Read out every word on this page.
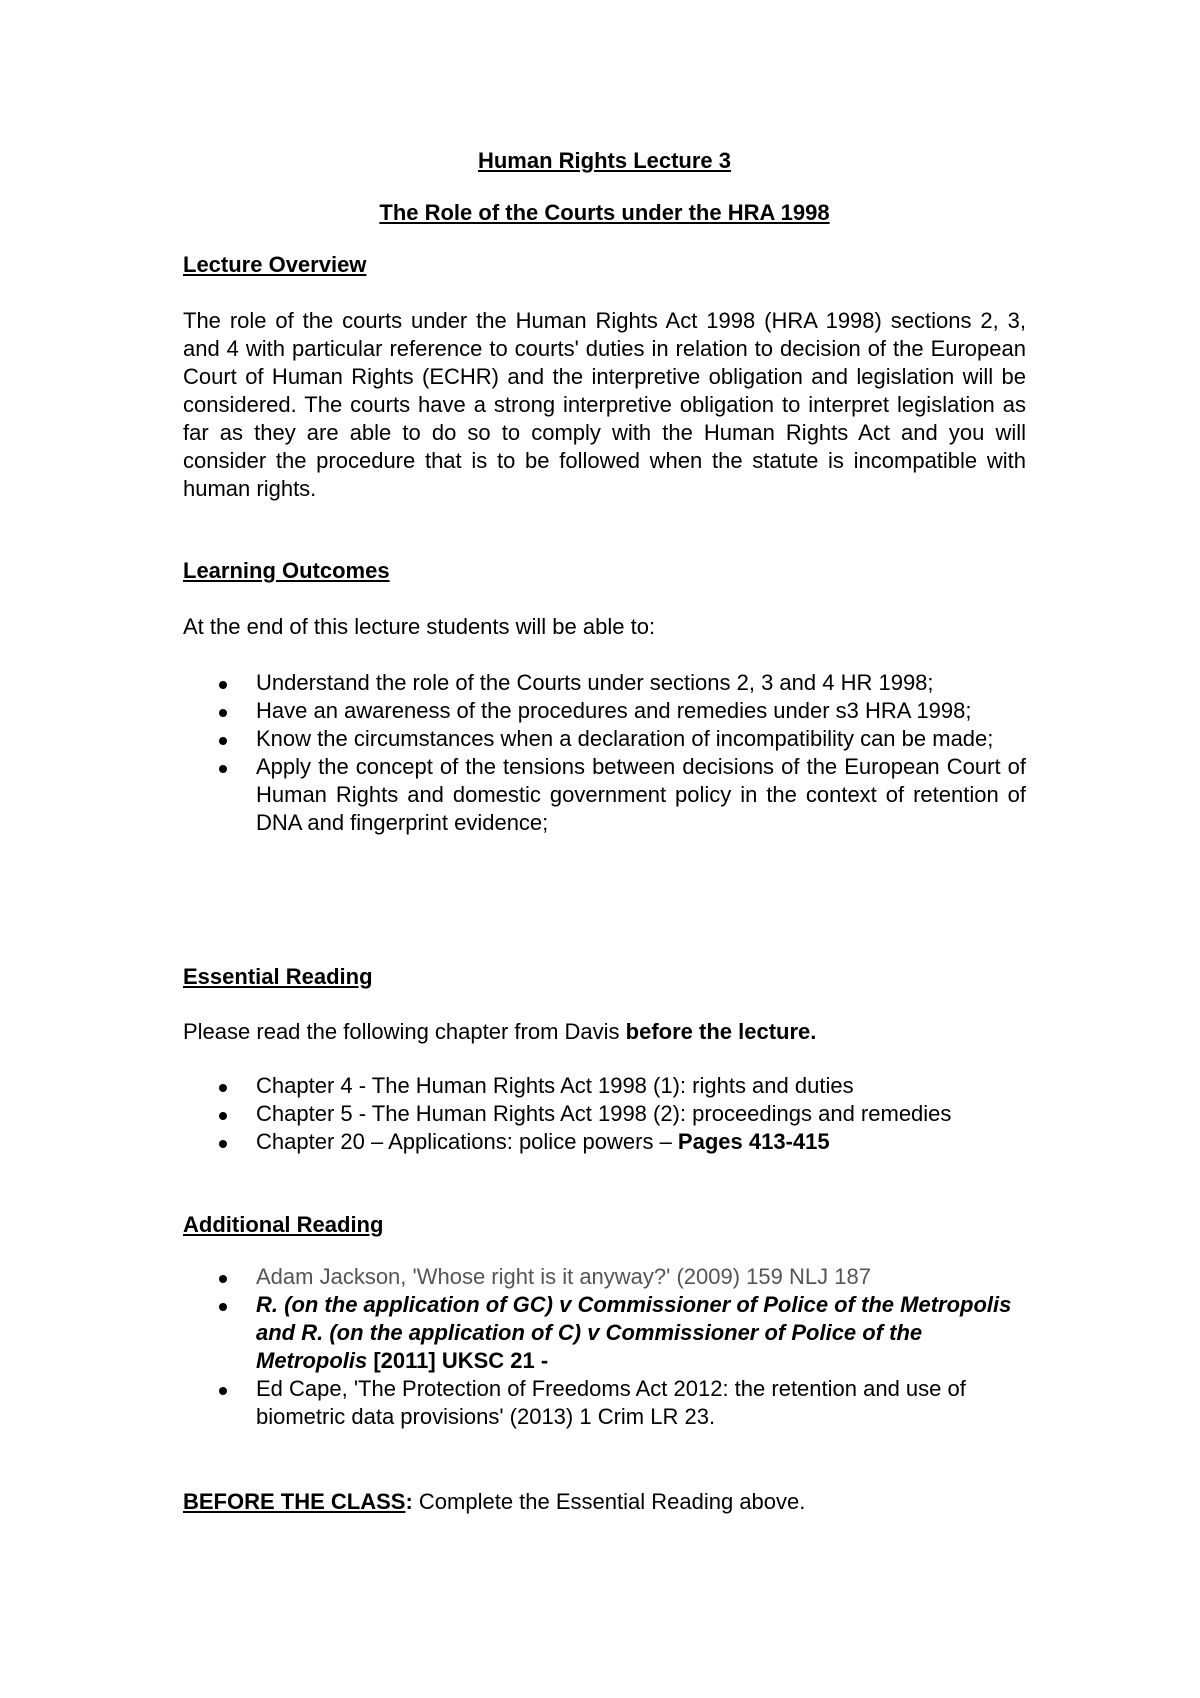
Human Rights Lecture 3
The Role of the Courts under the HRA 1998
Lecture Overview
The role of the courts under the Human Rights Act 1998 (HRA 1998) sections 2, 3, and 4 with particular reference to courts' duties in relation to decision of the European Court of Human Rights (ECHR) and the interpretive obligation and legislation will be considered. The courts have a strong interpretive obligation to interpret legislation as far as they are able to do so to comply with the Human Rights Act and you will consider the procedure that is to be followed when the statute is incompatible with human rights.
Learning Outcomes
At the end of this lecture students will be able to:
Understand the role of the Courts under sections 2, 3 and 4 HR 1998;
Have an awareness of the procedures and remedies under s3 HRA 1998;
Know the circumstances when a declaration of incompatibility can be made;
Apply the concept of the tensions between decisions of the European Court of Human Rights and domestic government policy in the context of retention of DNA and fingerprint evidence;
Essential Reading
Please read the following chapter from Davis before the lecture.
Chapter 4 - The Human Rights Act 1998 (1): rights and duties
Chapter 5 - The Human Rights Act 1998 (2): proceedings and remedies
Chapter 20 – Applications: police powers – Pages 413-415
Additional Reading
Adam Jackson, 'Whose right is it anyway?' (2009) 159 NLJ 187
R. (on the application of GC) v Commissioner of Police of the Metropolis and R. (on the application of C) v Commissioner of Police of the Metropolis [2011] UKSC 21 -
Ed Cape, 'The Protection of Freedoms Act 2012: the retention and use of biometric data provisions' (2013) 1 Crim LR 23.
BEFORE THE CLASS: Complete the Essential Reading above.
